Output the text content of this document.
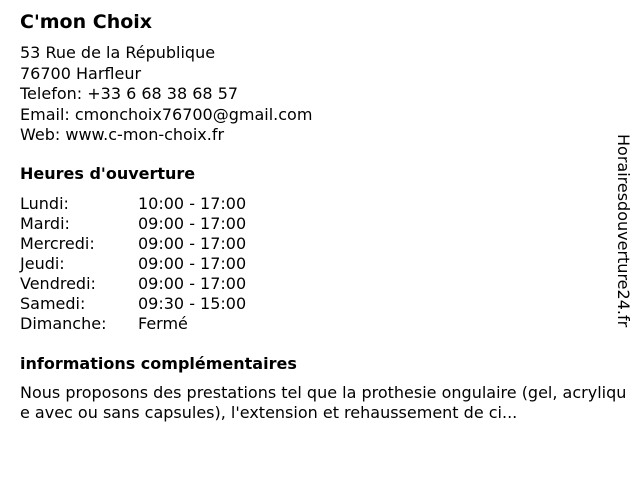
C'mon Choix
53 Rue de la République
76700 Harfleur
Telefon: +33 6 68 38 68 57
Email: cmonchoix76700@gmail.com
Web: www.c-mon-choix.fr
Heures d'ouverture
Lundi:	10:00 - 17:00
Mardi:	09:00 - 17:00
Mercredi:	09:00 - 17:00
Jeudi:	09:00 - 17:00
Vendredi:	09:00 - 17:00
Samedi:	09:30 - 15:00
Dimanche:	Fermé
informations complémentaires
Nous proposons des prestations tel que la prothesie ongulaire (gel, acrylique avec ou sans capsules), l'extension et rehaussement de ci...
Horairesdouverture24.fr
